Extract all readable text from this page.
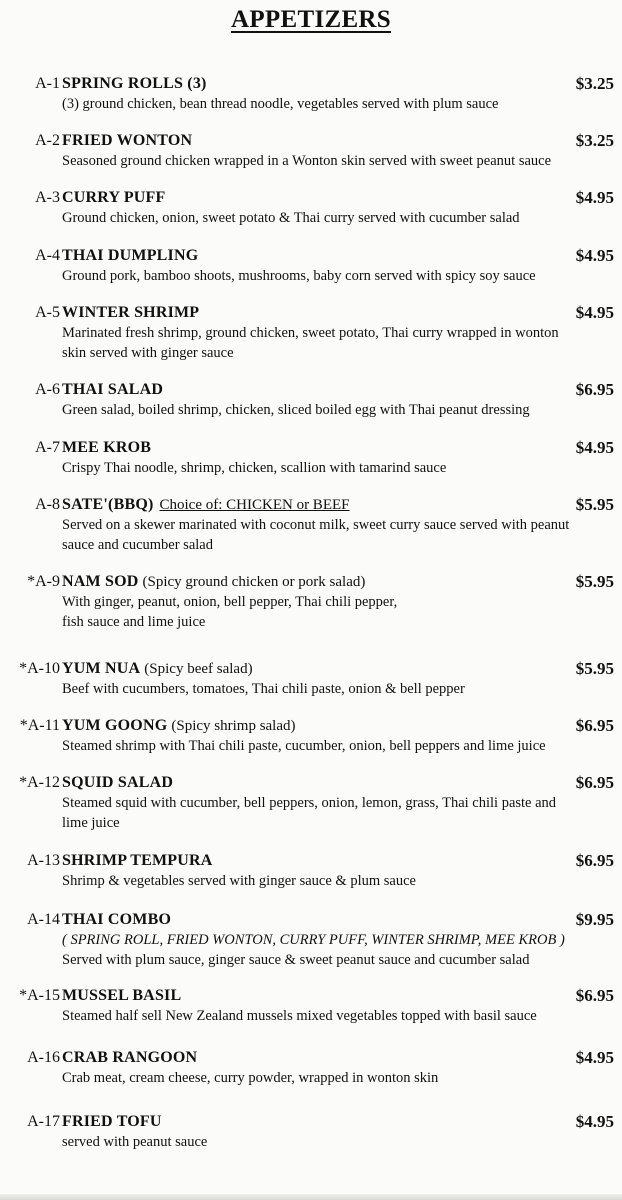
APPETIZERS
A-1 SPRING ROLLS (3)	$3.25
(3) ground chicken, bean thread noodle, vegetables served with plum sauce
A-2 FRIED WONTON	$3.25
Seasoned ground chicken wrapped in a Wonton skin served with sweet peanut sauce
A-3 CURRY PUFF	$4.95
Ground chicken, onion, sweet potato & Thai curry served with cucumber salad
A-4 THAI DUMPLING	$4.95
Ground pork, bamboo shoots, mushrooms, baby corn served with spicy soy sauce
A-5 WINTER SHRIMP	$4.95
Marinated fresh shrimp, ground chicken, sweet potato, Thai curry wrapped in wonton
skin served with ginger sauce
A-6 THAI SALAD	$6.95
Green salad, boiled shrimp, chicken, sliced boiled egg with Thai peanut dressing
A-7 MEE KROB	$4.95
Crispy Thai noodle, shrimp, chicken, scallion with tamarind sauce
A-8 SATE'(BBQ) Choice of: CHICKEN or BEEF	$5.95
Served on a skewer marinated with coconut milk, sweet curry sauce served with peanut
sauce and cucumber salad
*A-9 NAM SOD (Spicy ground chicken or pork salad)	$5.95
With ginger, peanut, onion, bell pepper, Thai chili pepper,
fish sauce and lime juice
*A-10 YUM NUA (Spicy beef salad)	$5.95
Beef with cucumbers, tomatoes, Thai chili paste, onion & bell pepper
*A-11 YUM GOONG (Spicy shrimp salad)	$6.95
Steamed shrimp with Thai chili paste, cucumber, onion, bell peppers and lime juice
*A-12 SQUID SALAD	$6.95
Steamed squid with cucumber, bell peppers, onion, lemon, grass, Thai chili paste and
lime juice
A-13 SHRIMP TEMPURA	$6.95
Shrimp & vegetables served with ginger sauce & plum sauce
A-14 THAI COMBO	$9.95
( SPRING ROLL, FRIED WONTON, CURRY PUFF, WINTER SHRIMP, MEE KROB )
Served with plum sauce, ginger sauce & sweet peanut sauce and cucumber salad
*A-15 MUSSEL BASIL	$6.95
Steamed half sell New Zealand mussels mixed vegetables topped with basil sauce
A-16 CRAB RANGOON	$4.95
Crab meat, cream cheese, curry powder, wrapped in wonton skin
A-17 FRIED TOFU	$4.95
served with peanut sauce
